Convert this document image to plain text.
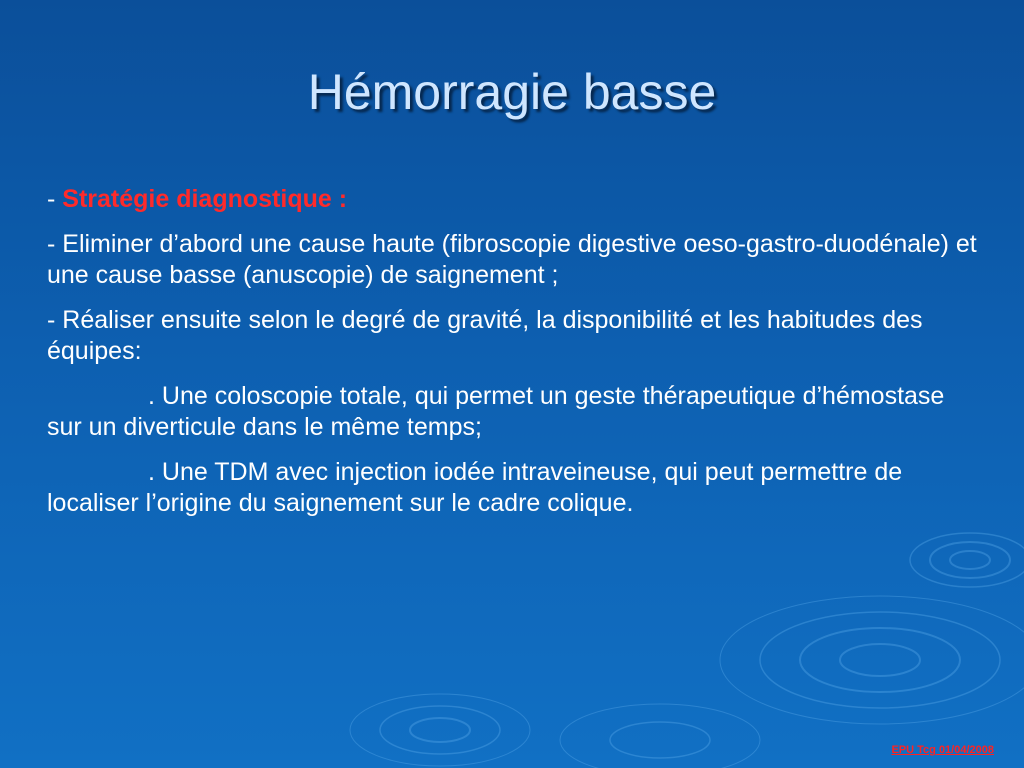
Hémorragie basse

- Stratégie diagnostique :

- Eliminer d’abord une cause haute (fibroscopie digestive oeso-gastro-duodénale) et une cause basse (anuscopie) de saignement ;

- Réaliser ensuite selon le degré de gravité, la disponibilité et les habitudes des équipes:

. Une coloscopie totale, qui permet un geste thérapeutique d’hémostase sur un diverticule dans le même temps;

. Une TDM avec injection iodée intraveineuse, qui peut permettre de localiser l’origine du saignement sur le cadre colique.

EPU Tcg 01/04/2008
